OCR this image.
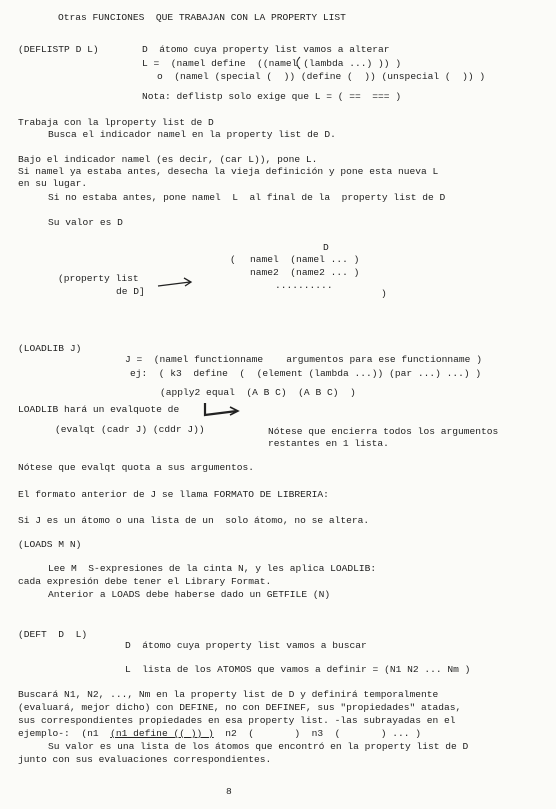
Otras FUNCIONES  QUE TRABAJAN CON LA PROPERTY LIST
(DEFLISTP D L)	D  átomo cuya property list vamos a alterar
L =  (namel define  ((namel (lambda ...) )) )
o  (namel (special (  )) (define (  )) (unspecial (  )) )
Nota: deflistp solo exige que L = ( ==  === )
Trabaja con la lproperty list de D
Busca el indicador namel en la property list de D.
Bajo el indicador namel (es decir, (car L)), pone L.
Si namel ya estaba antes, desecha la vieja definición y pone esta nueva L
en su lugar.
Si no estaba antes, pone namel  L  al final de la  property list de D
Su valor es D
D
( namel  (namel ... )
name2  (name2 ... )
..........
)
(property list
de D]
(LOADLIB J)
J =  (namel functionname    argumentos para ese functionname )
ej:  ( k3  define  (  (element (lambda ...)) (par ...) ...) )
(apply2 equal  (A B C)  (A B C)  )
LOADLIB hará un evalquote de
(evalqt (cadr J) (cddr J))	Nótese que encierra todos los argumentos
restantes en 1 lista.
Nótese que evalqt quota a sus argumentos.
El formato anterior de J se llama FORMATO DE LIBRERIA:
Si J es un átomo o una lista de un  solo átomo, no se altera.
(LOADS M N)
Lee M  S-expresiones de la cinta N, y les aplica LOADLIB:
cada expresión debe tener el Library Format.
Anterior a LOADS debe haberse dado un GETFILE (N)
(DEFT  D  L)
D  átomo cuya property list vamos a buscar
L  lista de los ATOMOS que vamos a definir = (N1 N2 ... Nm )
Buscará N1, N2, ..., Nm en la property list de D y definirá temporalmente
(evaluará, mejor dicho) con DEFINE, no con DEFINEF, sus "propiedades" atadas,
sus correspondientes propiedades en esa property list. -las subrayadas en el
ejemplo-:  (n1  (n1 define (( )) )  n2  (       )  n3  (       ) ... )
Su valor es una lista de los átomos que encontró en la property list de D
junto con sus evaluaciones correspondientes.
8
